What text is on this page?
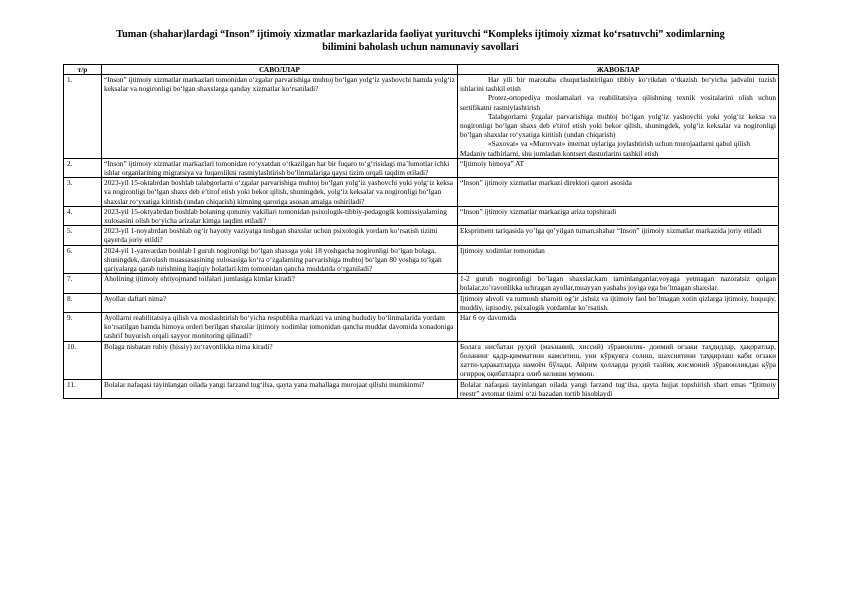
Tuman (shahar)lardagi “Inson” ijtimoiy xizmatlar markazlarida faoliyat yurituvchi “Kompleks ijtimoiy xizmat ko‘rsatuvchi” xodimlarning
bilimini baholash uchun namunaviy savollari
т/р	САВОЛЛАР	ЖАВОБЛАР
1.	“Inson” ijtimoiy xizmatlar markazlari tomonidan o‘zgalar parvarishiga muhtoj bo‘lgan yolg‘iz yashovchi hamda yolg‘iz keksalar va nogironligi bo‘lgan shaxslarga qanday xizmatlar ko‘rsatiladi?	Har yili bir marotaba chuqurlashtirilgan tibbiy ko‘rikdan o‘tkazish bo‘yicha jadvalni tuzish ishlarini tashkil etish
Protez-ortopediya moslamalari va reabilitatsiya qilishning texnik vositalarini olish uchun sertifikatni rasmiylashtirish
Talabgorlarni ўzgalar parvarishiga muhtoj bo‘lgan yolg‘iz yashovchi yoki yolg‘iz keksa va nogironligi bo‘lgan shaxs deb e'tirof etish yoki bekor qilish, shuningdek, yolg‘iz keksalar va nogironligi bo‘lgan shaxslar ro‘yxatiga kiritish (undan chiqarish)
«Saxovat» va «Muruvvat» internat uylariga joylashtirish uchun murojaatlarni qabul qilish
Madaniy tadbirlarni, shu jumladan kontsert dasturlarini tashkil etish

2.	“Inson” ijtimoiy xizmatlar markazlari tomonidan ro‘yxatdan o‘tkazilgan har bir fuqaro to‘g‘risidagi ma’lumotlar ichki ishlar organlarining migratsiya va fuqarolikni rasmiylashtirish bo‘linmalariga qaysi tizim orqali taqdim etiladi?	“Ijtimoiy himoya” AT

3.	2023-yil 15-oktabrdan boshlab talabgorlarni o‘zgalar parvarishiga muhtoj bo‘lgan yolg‘iz yashovchi yoki yolg‘iz keksa va nogironligi bo‘lgan shaxs deb e’tirof etish yoki bekor qilish, shuningdek, yolg‘iz keksalar va nogironligi bo‘lgan shaxslar ro‘yxatiga kiritish (undan chiqarish) kimning qaroriga asosan amalga oshiriladi?	“Inson” ijtimoiy xizmatlar markazi direktori qarori asosida

4.	2023-yil 15-oktyabrdan boshlab bolaning qonuniy vakillari tomonidan psixologik-tibbiy-pedagogik komissiyalarning xulosasini olish bo‘yicha arizalar kimga taqdim etiladi?	“Inson” ijtimoiy xizmatlar markaziga ariza topshiradi

5.	2023-yil 1-noyabrdan boshlab og‘ir hayotiy vaziyatga tushgan shaxslar uchun psixologik yordam ko‘rsatish tizimi qayerda joriy etildi?	Ekspriment tariqasida yo’lga qo’yilgan tuman,shahar “Inson” ijtimoiy xizmatlar markazida joriy etiladi

6.	2024-yil 1-yanvardan boshlab I guruh nogironligi bo‘lgan shaxsga yoki 18 yoshgacha nogironligi bo‘lgan bolaga, shuningdek, davolash muassasasining xulosasiga ko‘ra o‘zgalarning parvarishiga muhtoj bo‘lgan 80 yoshga to‘lgan qariyalarga qarab turishning haqiqiy holatlari kim tomonidan qancha muddatda o‘rganiladi?	Ijtimoiy xodimlar tomonidan

7.	Aholining ijtimoiy ehtiyojmand toifalari jumlasiga kimlar kiradi?	1-2 guruh nogironligi bo’lagan shaxslar,kam taminlanganlar,voyaga yetmagan nazoratsiz qolgan bolalar,zo’ravonlikka uchragan ayollar,muayyan yashahs joyiga ega bo’lmagan shaxslar.

8.	Ayollar daftari nima?	Ijtimoiy ahvoli va turmush sharoiti og’ir ,ishsiz va ijtimoiy faol bo’lmagan xotin qizlarga ijtimoiy, huquqiy, moddiy, iqtisodiy, psixalogik yordamlar ko’rsatish.

9.	Ayollarni reabilitatsiya qilish va moslashtirish bo‘yicha respublika markazi va uning hududiy bo‘linmalarida yordam ko‘rsatilgan hamda himoya orderi berilgan shaxslar ijtimoiy xodimlar tomonidan qancha muddat davomida xonadoniga tashrif buyurish orqali sayyor monitoring qilinadi?	Har 6 oy davomida

10.	Bolaga nisbatan ruhiy (hissiy) zo‘ravonlikka nima kiradi?	Болага нисбатан руҳий (маънавий, хиссий) зўравонлик- доимий оғзаки таҳдидлар, ҳақоратлар, боланинг қадр-қимматини камситиш, уни кўрқувга солиш, шахсиятини таҳқирлаш каби оғзаки хатти-ҳаракатларда намоён бўлади. Айрим ҳолларда руҳий тазйиқ жисмоний зўравонликдан кўра оғирроқ оқибатларга олиб келиши мумкин.

11.	Bolalar nafaqasi tayinlangan oilada yangi farzand tug‘ilsa, qayta yana mahallaga murojaat qilishi mumkinmi?	Bolalar nafaqasi tayinlangan oilada yangi farzand tug‘ilsa, qayta hujjat topshirish shart emas “Ijtimoiy reestr” avtomat tizimi o‘zi bazadan tortib hisoblaydi
